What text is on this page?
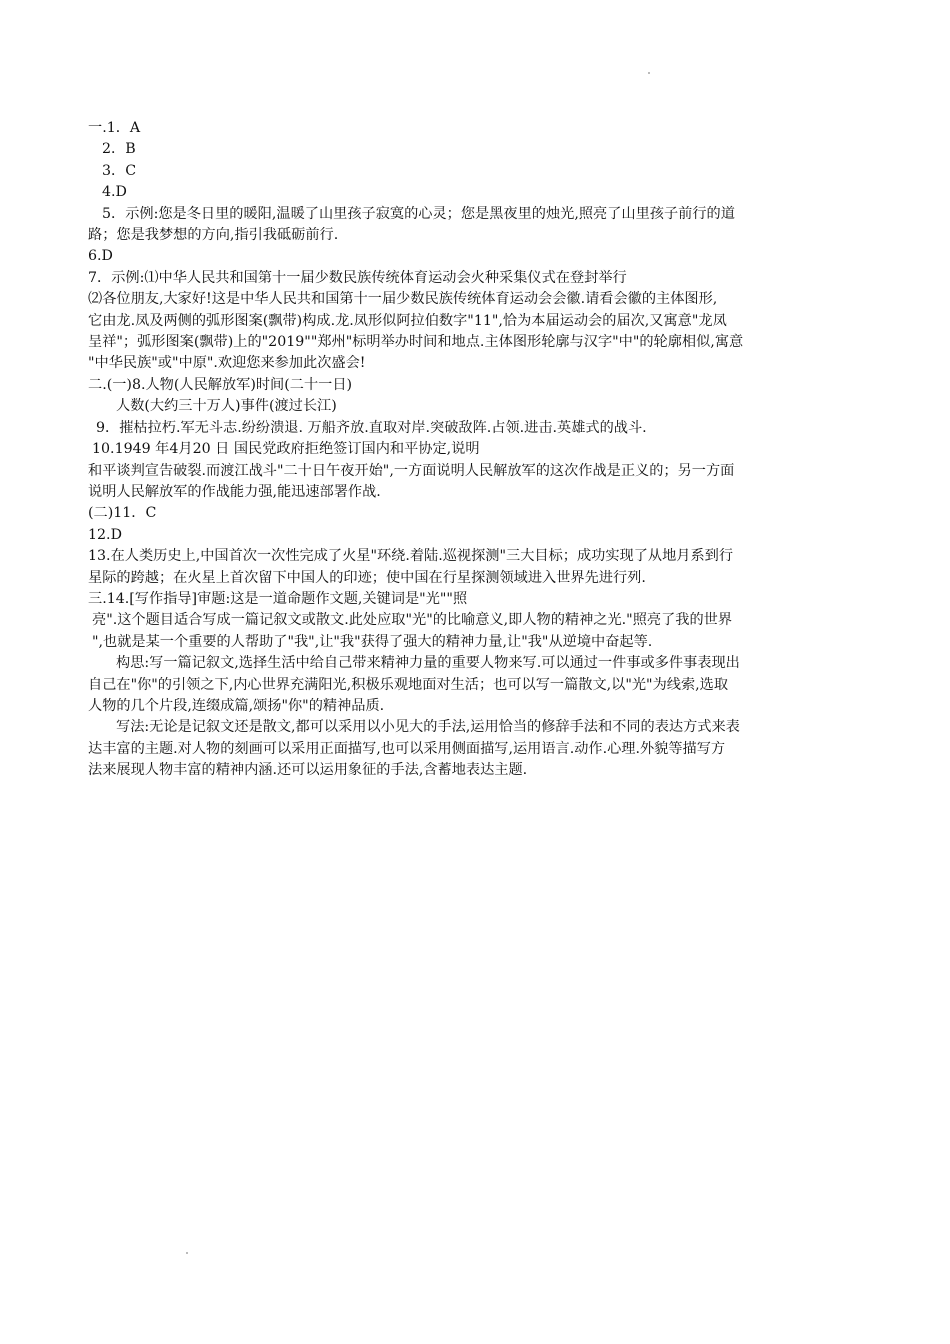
一.1．A
2．B
3．C
4.D
5．示例:您是冬日里的暖阳,温暖了山里孩子寂寞的心灵；您是黑夜里的烛光,照亮了山里孩子前行的道
路；您是我梦想的方向,指引我砥砺前行.
6.D
7．示例:⑴中华人民共和国第十一届少数民族传统体育运动会火种采集仪式在登封举行
⑵各位朋友,大家好!这是中华人民共和国第十一届少数民族传统体育运动会会徽.请看会徽的主体图形,
它由龙.凤及两侧的弧形图案(飘带)构成.龙.凤形似阿拉伯数字"11",恰为本届运动会的届次,又寓意"龙凤
呈祥"；弧形图案(飘带)上的"2019""郑州"标明举办时间和地点.主体图形轮廓与汉字"中"的轮廓相似,寓意
"中华民族"或"中原".欢迎您来参加此次盛会!
二.(一)8.人物(人民解放军)时间(二十一日)
人数(大约三十万人)事件(渡过长江)
9．摧枯拉朽.军无斗志.纷纷溃退. 万船齐放.直取对岸.突破敌阵.占领.进击.英雄式的战斗.
10.1949 年4月20 日 国民党政府拒绝签订国内和平协定,说明
和平谈判宣告破裂.而渡江战斗"二十日午夜开始",一方面说明人民解放军的这次作战是正义的；另一方面
说明人民解放军的作战能力强,能迅速部署作战.
(二)11．C
12.D
13.在人类历史上,中国首次一次性完成了火星"环绕.着陆.巡视探测"三大目标；成功实现了从地月系到行
星际的跨越；在火星上首次留下中国人的印迹；使中国在行星探测领域进入世界先进行列.
三.14.[写作指导]审题:这是一道命题作文题,关键词是"光""照
亮".这个题目适合写成一篇记叙文或散文.此处应取"光"的比喻意义,即人物的精神之光."照亮了我的世界
",也就是某一个重要的人帮助了"我",让"我"获得了强大的精神力量,让"我"从逆境中奋起等.
构思:写一篇记叙文,选择生活中给自己带来精神力量的重要人物来写.可以通过一件事或多件事表现出
自己在"你"的引领之下,内心世界充满阳光,积极乐观地面对生活；也可以写一篇散文,以"光"为线索,选取
人物的几个片段,连缀成篇,颂扬"你"的精神品质.
写法:无论是记叙文还是散文,都可以采用以小见大的手法,运用恰当的修辞手法和不同的表达方式来表
达丰富的主题.对人物的刻画可以采用正面描写,也可以采用侧面描写,运用语言.动作.心理.外貌等描写方
法来展现人物丰富的精神内涵.还可以运用象征的手法,含蓄地表达主题.
